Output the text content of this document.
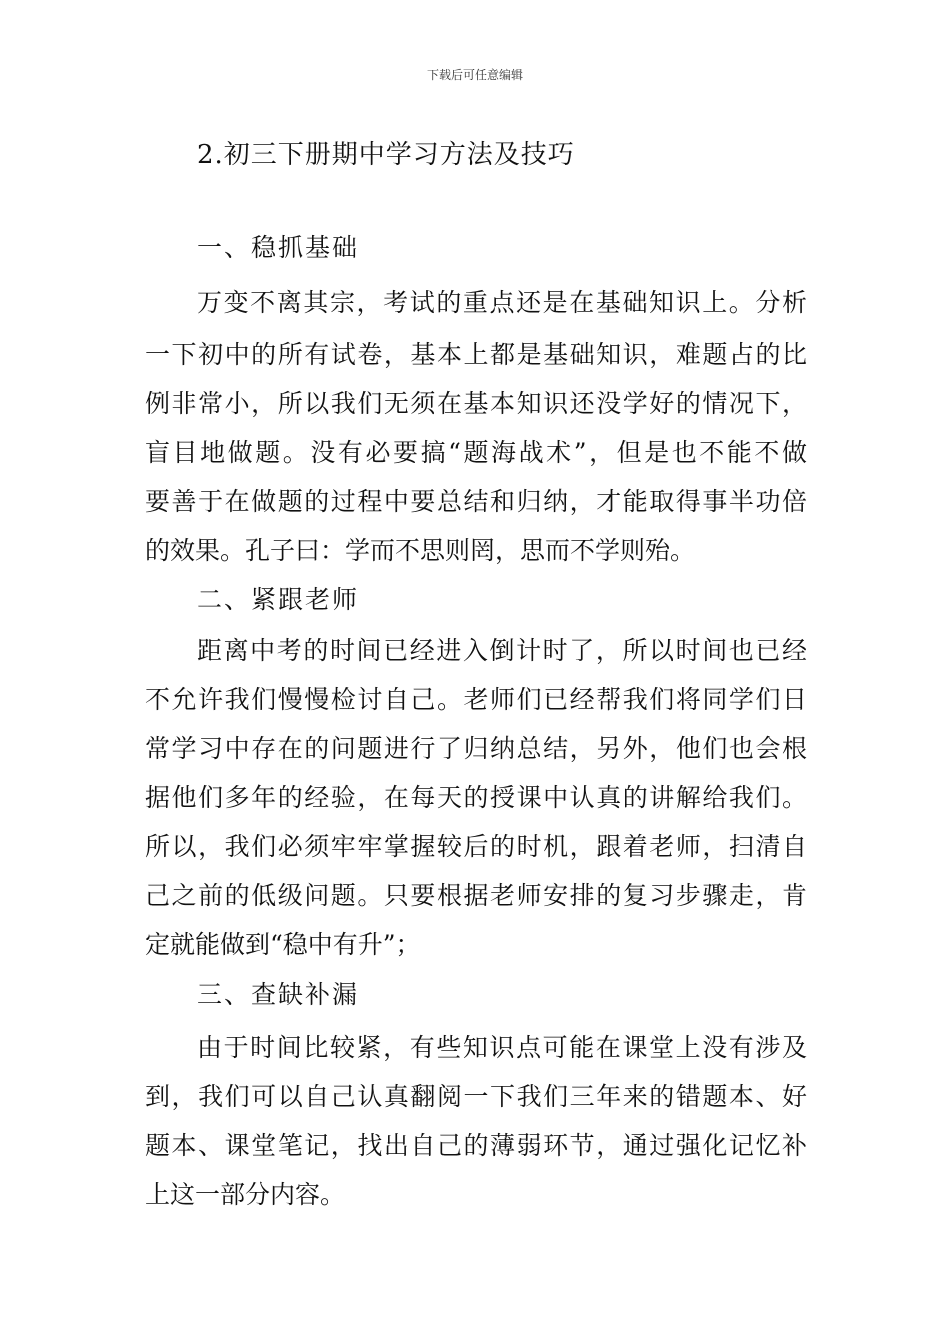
下载后可任意编辑
2.初三下册期中学习方法及技巧
一、稳抓基础
万变不离其宗，考试的重点还是在基础知识上。分析
一下初中的所有试卷，基本上都是基础知识，难题占的比
例非常小，所以我们无须在基本知识还没学好的情况下，
盲目地做题。没有必要搞“题海战术”，但是也不能不做
要善于在做题的过程中要总结和归纳，才能取得事半功倍
的效果。孔子曰：学而不思则罔，思而不学则殆。
二、紧跟老师
距离中考的时间已经进入倒计时了，所以时间也已经
不允许我们慢慢检讨自己。老师们已经帮我们将同学们日
常学习中存在的问题进行了归纳总结，另外，他们也会根
据他们多年的经验，在每天的授课中认真的讲解给我们。
所以，我们必须牢牢掌握较后的时机，跟着老师，扫清自
己之前的低级问题。只要根据老师安排的复习步骤走，肯
定就能做到“稳中有升”；
三、查缺补漏
由于时间比较紧，有些知识点可能在课堂上没有涉及
到，我们可以自己认真翻阅一下我们三年来的错题本、好
题本、课堂笔记，找出自己的薄弱环节，通过强化记忆补
上这一部分内容。
